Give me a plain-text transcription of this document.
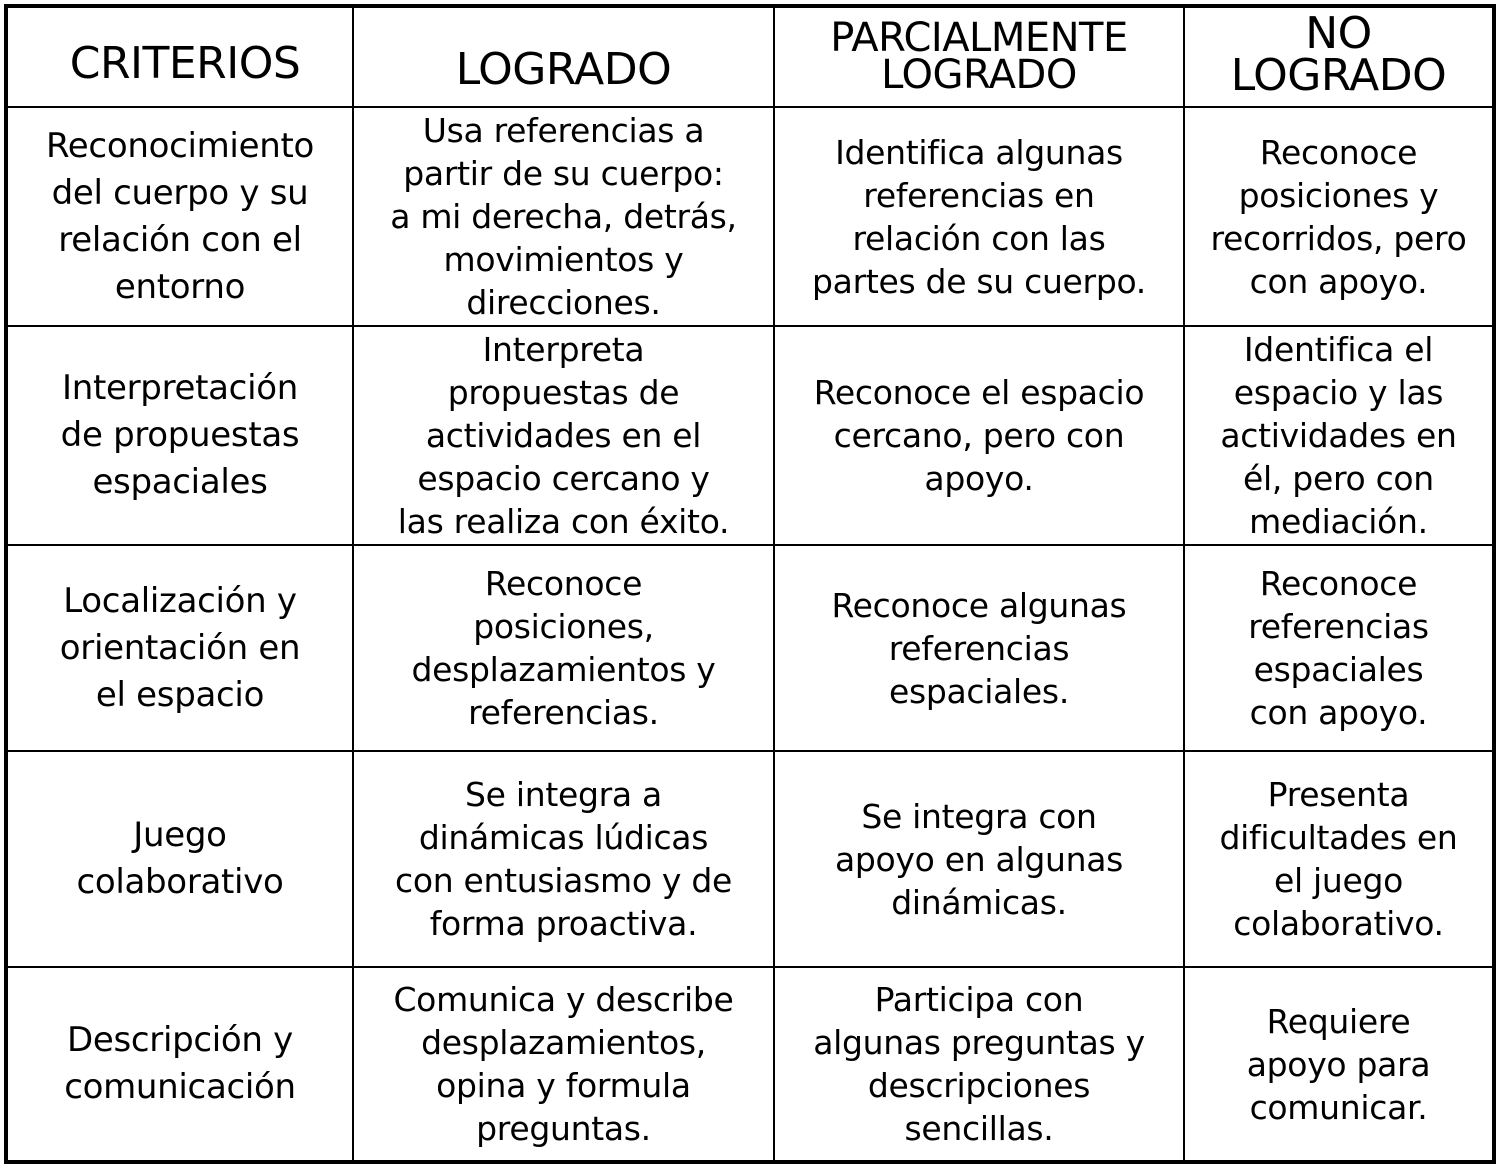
CRITERIOS	LOGRADO
PARCIALMENTE
LOGRADO
NO
LOGRADO
Reconocimiento
del cuerpo y su
relación con el
entorno
Usa referencias a
partir de su cuerpo:
a mi derecha, detrás,
movimientos y
direcciones.
Identifica algunas
referencias en
relación con las
partes de su cuerpo.
Reconoce
posiciones y
recorridos, pero
con apoyo.
Interpretación
de propuestas
espaciales
Interpreta
propuestas de
actividades en el
espacio cercano y
las realiza con éxito.
Reconoce el espacio
cercano, pero con
apoyo.
Identifica el
espacio y las
actividades en
él, pero con
mediación.
Localización y
orientación en
el espacio
Reconoce
posiciones,
desplazamientos y
referencias.
Reconoce algunas
referencias
espaciales.
Reconoce
referencias
espaciales
con apoyo.
Juego
colaborativo
Se integra a
dinámicas lúdicas
con entusiasmo y de
forma proactiva.
Se integra con
apoyo en algunas
dinámicas.
Presenta
dificultades en
el juego
colaborativo.
Descripción y
comunicación
Comunica y describe
desplazamientos,
opina y formula
preguntas.
Participa con
algunas preguntas y
descripciones
sencillas.
Requiere
apoyo para
comunicar.
